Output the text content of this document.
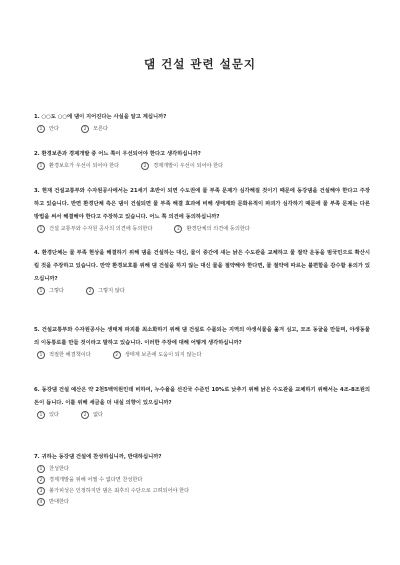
댐 건설 관련 설문지
1. ○○도 ○○에 댐이 지어진다는 사실을 알고 계십니까?
1 안다	2 모른다
2. 환경보존과 경제개발 중 어느 쪽이 우선되어야 한다고 생각하십니까?
1 환경보호가 우선이 되어야 한다	2 경제개발이 우선이 되어야 한다
3. 현재 건설교통부와 수자원공사에서는 21세기 초반이 되면 수도권에 물 부족 문제가 심각해질 것이기 때문에 동강댐을 건설해야 한다고 주장하고 있습니다. 반면 환경단체 측은 댐이 건설되면 물 부족 해결 효과에 비해 생태계와 문화유적이 파괴가 심각하기 때문에 물 부족 문제는 다른 방법을 써서 해결해야 한다고 주장하고 있습니다. 어느 쪽 의견에 동의하십니까?
1 건설 교통부와 수자원 공사의 의견에 동의한다	2 환경단체의 의견에 동의한다
4. 환경단체는 물 부족 현상을 해결하기 위해 댐을 건설하는 대신, 물이 중간에 새는 낡은 수도관을 교체하고 물 절약 운동을 범국민으로 확산시킬 것을 주장하고 있습니다. 만약 환경보호를 위해 댐 건설을 하지 않는 대신 물을 절약해야 한다면, 물 절약에 따르는 불편함을 감수할 용의가 있으십니까?
1 그렇다	2 그렇지 않다
5. 건설교통부와 수자원공사는 생태계 파괴를 최소화하기 위해 댐 건설로 수몰되는 지역의 야생식물을 옮겨 심고, 모조 동굴을 만들며, 야생동물의 이동통로를 만들 것이라고 말하고 있습니다. 이러한 주장에 대해 어떻게 생각하십니까?
1 적절한 해결책이다	2 생태계 보존에 도움이 되지 않는다
6. 동강댐 건설 예산은 약 2천5백억원인데 비하여, 누수율을 선진국 수준인 10%로 낮추기 위해 낡은 수도관을 교체하기 위해서는 4조-8조원의 돈이 듭니다. 이를 위해 세금을 더 내실 의향이 있으십니까?
1 있다	2 없다
7. 귀하는 동강댐 건설에 찬성하십니까, 반대하십니까?
1 찬성한다
2 경제개발을 위해 어쩔 수 없다면 찬성한다
3 불가피성은 인정하지만 댐은 최후의 수단으로 고려되어야 한다
4 반대한다
